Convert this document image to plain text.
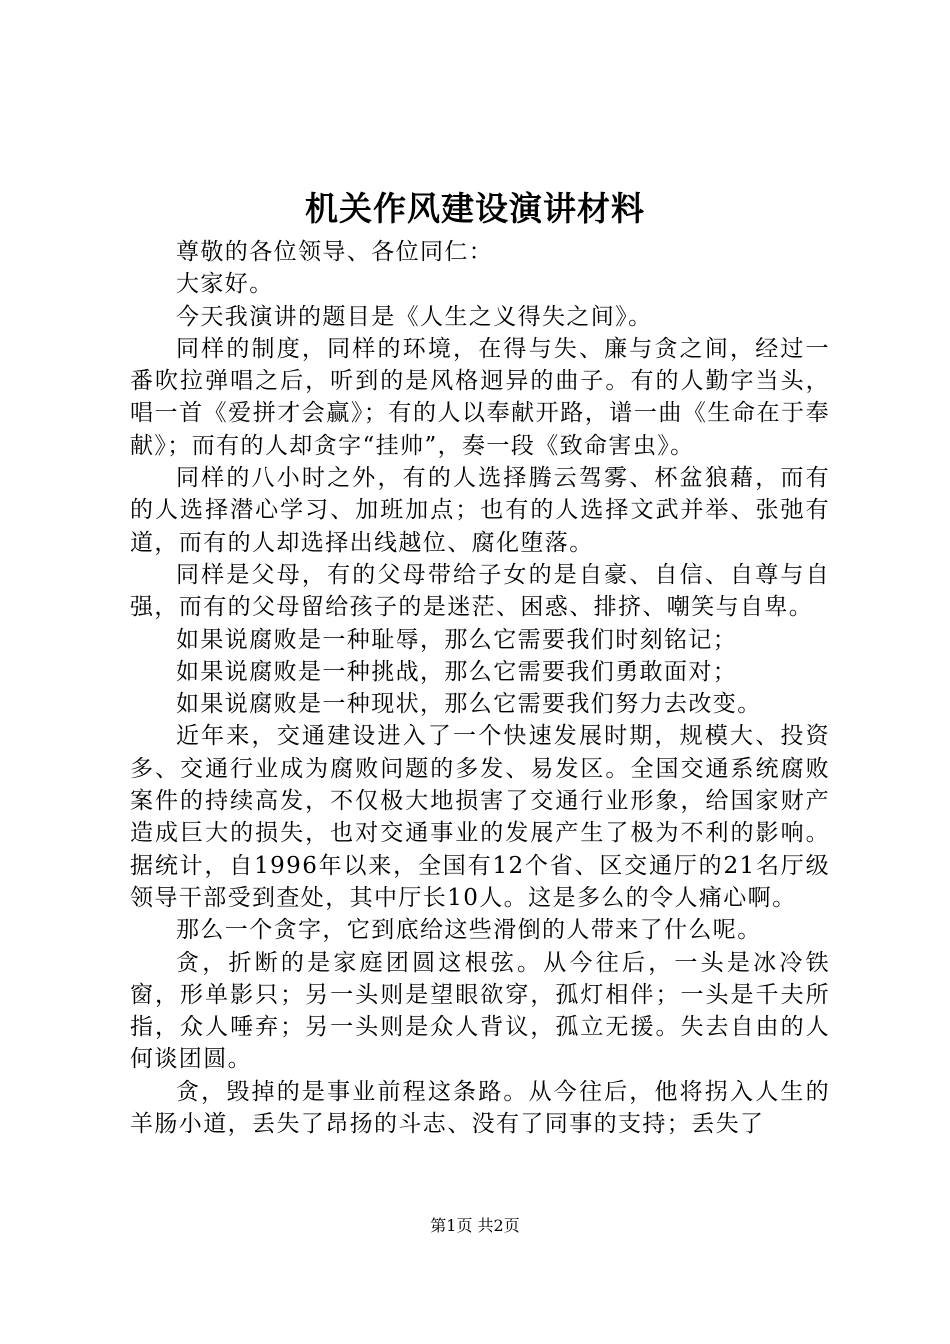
机关作风建设演讲材料

尊敬的各位领导、各位同仁：

大家好。

今天我演讲的题目是《人生之义得失之间》。

同样的制度，同样的环境，在得与失、廉与贪之间，经过一番吹拉弹唱之后，听到的是风格迥异的曲子。有的人勤字当头，唱一首《爱拼才会赢》；有的人以奉献开路，谱一曲《生命在于奉献》；而有的人却贪字“挂帅”，奏一段《致命害虫》。

同样的八小时之外，有的人选择腾云驾雾、杯盆狼藉，而有的人选择潜心学习、加班加点；也有的人选择文武并举、张弛有道，而有的人却选择出线越位、腐化堕落。

同样是父母，有的父母带给子女的是自豪、自信、自尊与自强，而有的父母留给孩子的是迷茫、困惑、排挤、嘲笑与自卑。

如果说腐败是一种耻辱，那么它需要我们时刻铭记；

如果说腐败是一种挑战，那么它需要我们勇敢面对；

如果说腐败是一种现状，那么它需要我们努力去改变。

近年来，交通建设进入了一个快速发展时期，规模大、投资多、交通行业成为腐败问题的多发、易发区。全国交通系统腐败案件的持续高发，不仅极大地损害了交通行业形象，给国家财产造成巨大的损失，也对交通事业的发展产生了极为不利的影响。据统计，自1996年以来，全国有12个省、区交通厅的21名厅级领导干部受到查处，其中厅长10人。这是多么的令人痛心啊。

那么一个贪字，它到底给这些滑倒的人带来了什么呢。

贪，折断的是家庭团圆这根弦。从今往后，一头是冰冷铁窗，形单影只；另一头则是望眼欲穿，孤灯相伴；一头是千夫所指，众人唾弃；另一头则是众人背议，孤立无援。失去自由的人何谈团圆。

贪，毁掉的是事业前程这条路。从今往后，他将拐入人生的羊肠小道，丢失了昂扬的斗志、没有了同事的支持；丢失了

第1页 共2页
